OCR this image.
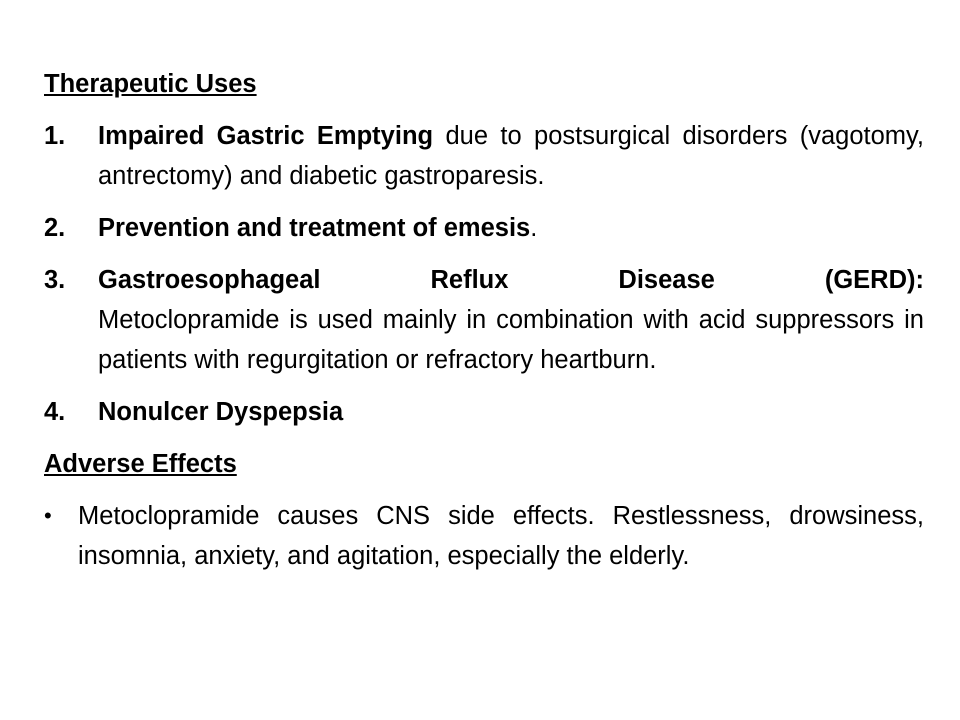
Therapeutic Uses
1. Impaired Gastric Emptying due to postsurgical disorders (vagotomy, antrectomy) and diabetic gastroparesis.
2. Prevention and treatment of emesis.
3. Gastroesophageal Reflux Disease (GERD):
Metoclopramide is used mainly in combination with acid suppressors in patients with regurgitation or refractory heartburn.
4. Nonulcer Dyspepsia
Adverse Effects
• Metoclopramide causes CNS side effects. Restlessness, drowsiness, insomnia, anxiety, and agitation, especially the elderly.
